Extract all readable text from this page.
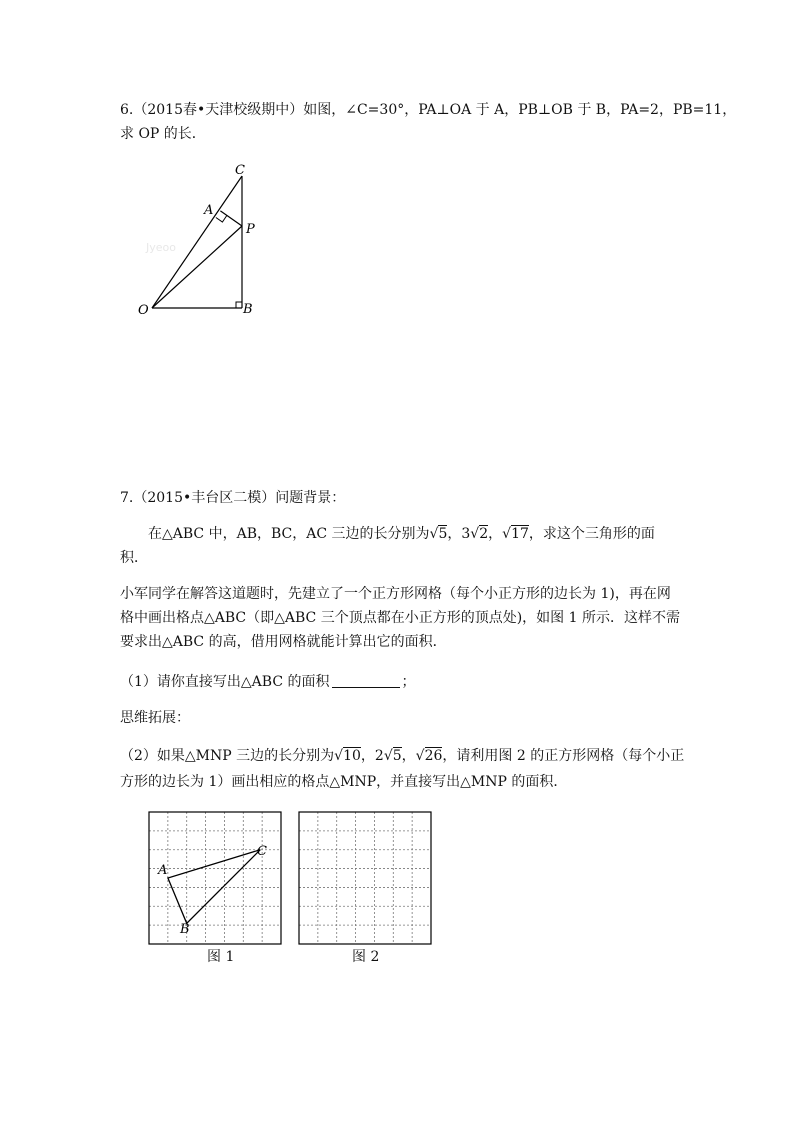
6.（2015春•天津校级期中）如图，∠C=30°，PA⊥OA 于 A，PB⊥OB 于 B，PA=2，PB=11，
求 OP 的长．
Jyeoo
C
A
P
O	B
7.（2015•丰台区二模）问题背景：
在△ABC 中，AB，BC，AC 三边的长分别为√5，3√2，√17，求这个三角形的面
积．
小军同学在解答这道题时，先建立了一个正方形网格（每个小正方形的边长为 1)，再在网
格中画出格点△ABC（即△ABC 三个顶点都在小正方形的顶点处)，如图 1 所示．这样不需
要求出△ABC 的高，借用网格就能计算出它的面积．
（1）请你直接写出△ABC 的面积	；
思维拓展：
（2）如果△MNP 三边的长分别为√10，2√5，√26，请利用图 2 的正方形网格（每个小正
方形的边长为 1）画出相应的格点△MNP，并直接写出△MNP 的面积．
A
B
C
图 1	图 2
